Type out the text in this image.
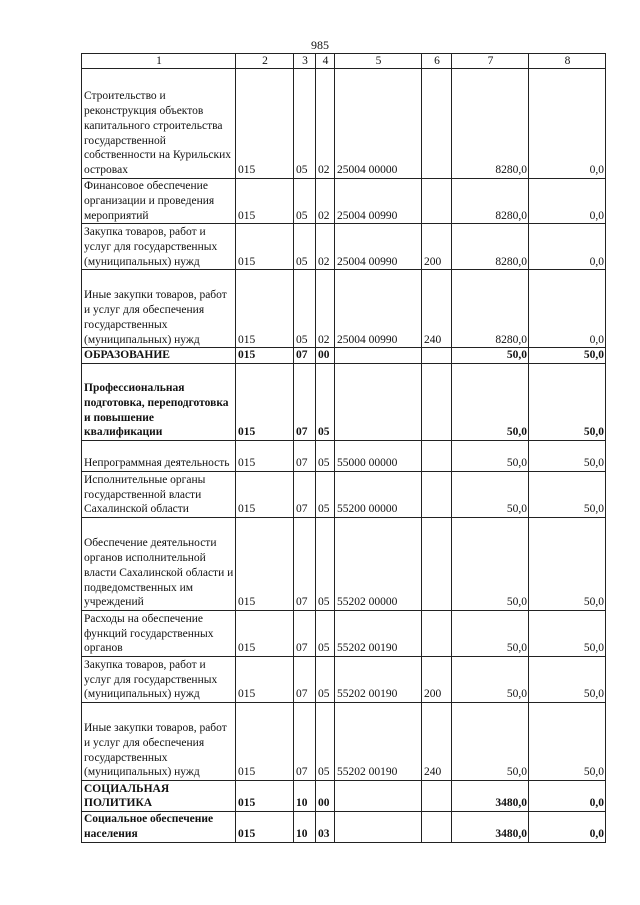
985
1	2	3	4	5	6	7	8
Строительство и реконструкция объектов капитального строительства государственной собственности на Курильских островах	015	05	02	25004 00000		8280,0	0,0
Финансовое обеспечение организации и проведения мероприятий	015	05	02	25004 00990		8280,0	0,0
Закупка товаров, работ и услуг для государственных (муниципальных) нужд	015	05	02	25004 00990	200	8280,0	0,0
Иные закупки товаров, работ и услуг для обеспечения государственных (муниципальных) нужд	015	05	02	25004 00990	240	8280,0	0,0
ОБРАЗОВАНИЕ	015	07	00			50,0	50,0
Профессиональная подготовка, переподготовка и повышение квалификации	015	07	05			50,0	50,0
Непрограммная деятельность	015	07	05	55000 00000		50,0	50,0
Исполнительные органы государственной власти Сахалинской области	015	07	05	55200 00000		50,0	50,0
Обеспечение деятельности органов исполнительной власти Сахалинской области и подведомственных им учреждений	015	07	05	55202 00000		50,0	50,0
Расходы на обеспечение функций государственных органов	015	07	05	55202 00190		50,0	50,0
Закупка товаров, работ и услуг для государственных (муниципальных) нужд	015	07	05	55202 00190	200	50,0	50,0
Иные закупки товаров, работ и услуг для обеспечения государственных (муниципальных) нужд	015	07	05	55202 00190	240	50,0	50,0
СОЦИАЛЬНАЯ ПОЛИТИКА	015	10	00			3480,0	0,0
Социальное обеспечение населения	015	10	03			3480,0	0,0
